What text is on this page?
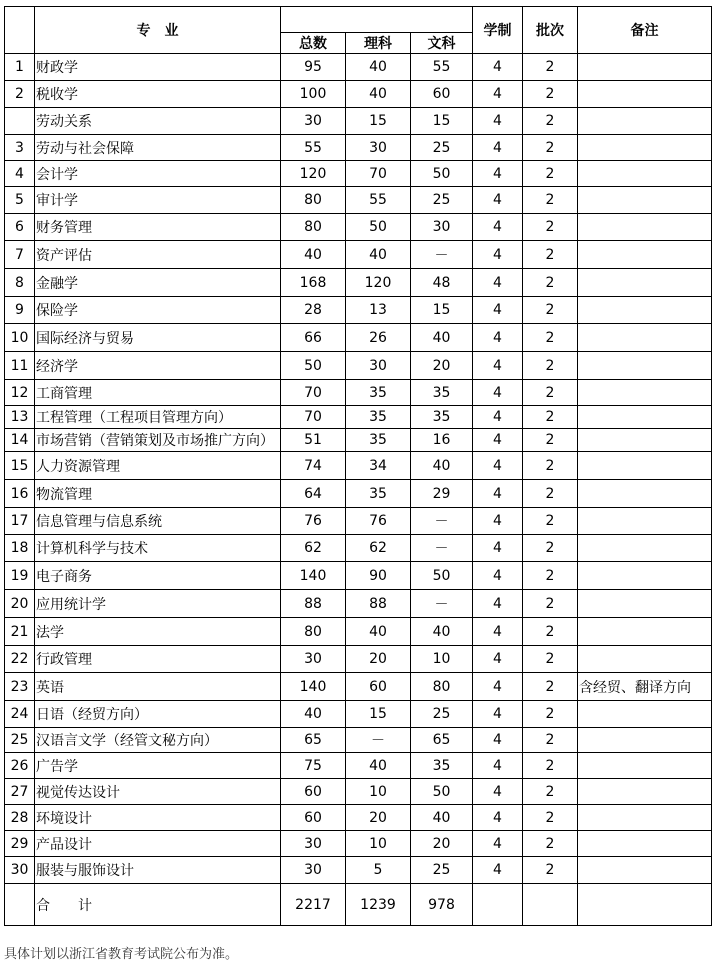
	专　业				学制	批次	备注
		总数	理科	文科			
1	财政学	95	40	55	4	2	
2	税收学	100	40	60	4	2	
	劳动关系	30	15	15	4	2	
3	劳动与社会保障	55	30	25	4	2	
4	会计学	120	70	50	4	2	
5	审计学	80	55	25	4	2	
6	财务管理	80	50	30	4	2	
7	资产评估	40	40	－	4	2	
8	金融学	168	120	48	4	2	
9	保险学	28	13	15	4	2	
10	国际经济与贸易	66	26	40	4	2	
11	经济学	50	30	20	4	2	
12	工商管理	70	35	35	4	2	
13	工程管理（工程项目管理方向）	70	35	35	4	2	
14	市场营销（营销策划及市场推广方向）	51	35	16	4	2	
15	人力资源管理	74	34	40	4	2	
16	物流管理	64	35	29	4	2	
17	信息管理与信息系统	76	76	－	4	2	
18	计算机科学与技术	62	62	－	4	2	
19	电子商务	140	90	50	4	2	
20	应用统计学	88	88	－	4	2	
21	法学	80	40	40	4	2	
22	行政管理	30	20	10	4	2	
23	英语	140	60	80	4	2	含经贸、翻译方向
24	日语（经贸方向）	40	15	25	4	2	
25	汉语言文学（经管文秘方向）	65	－	65	4	2	
26	广告学	75	40	35	4	2	
27	视觉传达设计	60	10	50	4	2	
28	环境设计	60	20	40	4	2	
29	产品设计	30	10	20	4	2	
30	服装与服饰设计	30	5	25	4	2	
	合　　计	2217	1239	978			
具体计划以浙江省教育考试院公布为准。
